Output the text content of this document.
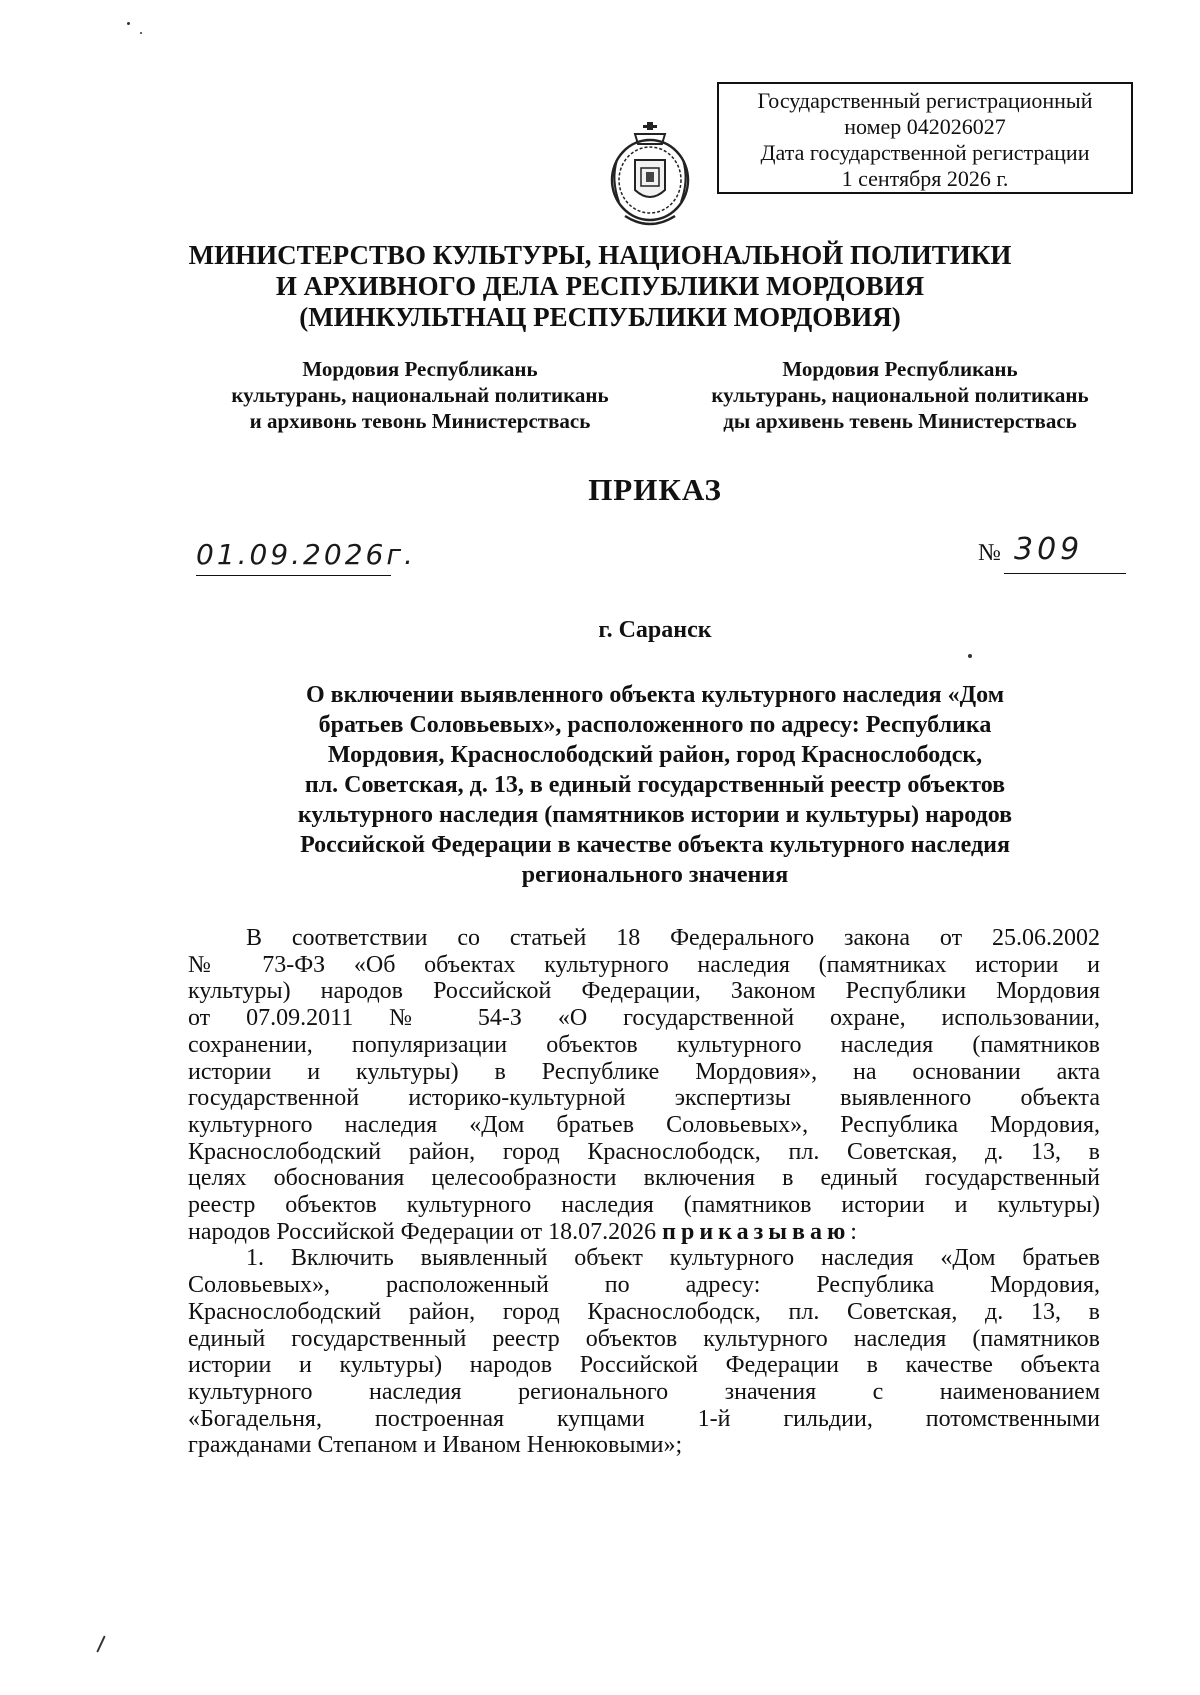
Государственный регистрационный
номер 042026027
Дата государственной регистрации
1 сентября 2026 г.
МИНИСТЕРСТВО КУЛЬТУРЫ, НАЦИОНАЛЬНОЙ ПОЛИТИКИ
И АРХИВНОГО ДЕЛА РЕСПУБЛИКИ МОРДОВИЯ
(МИНКУЛЬТНАЦ РЕСПУБЛИКИ МОРДОВИЯ)
Мордовия Республикань
культурань, национальнай политикань
и архивонь тевонь Министерствась
Мордовия Республикань
культурань, национальной политикань
ды архивень тевень Министерствась
ПРИКАЗ
01.09.2026г.	№ 309
г. Саранск
О включении выявленного объекта культурного наследия «Дом
братьев Соловьевых», расположенного по адресу: Республика
Мордовия, Краснослободский район, город Краснослободск,
пл. Советская, д. 13, в единый государственный реестр объектов
культурного наследия (памятников истории и культуры) народов
Российской Федерации в качестве объекта культурного наследия
регионального значения
В соответствии со статьей 18 Федерального закона от 25.06.2002
№ 73-ФЗ «Об объектах культурного наследия (памятниках истории и
культуры) народов Российской Федерации, Законом Республики Мордовия
от 07.09.2011 № 54-З «О государственной охране, использовании,
сохранении, популяризации объектов культурного наследия (памятников
истории и культуры) в Республике Мордовия», на основании акта
государственной историко-культурной экспертизы выявленного объекта
культурного наследия «Дом братьев Соловьевых», Республика Мордовия,
Краснослободский район, город Краснослободск, пл. Советская, д. 13, в
целях обоснования целесообразности включения в единый государственный
реестр объектов культурного наследия (памятников истории и культуры)
народов Российской Федерации от 18.07.2026 приказываю:
1. Включить выявленный объект культурного наследия «Дом братьев
Соловьевых», расположенный по адресу: Республика Мордовия,
Краснослободский район, город Краснослободск, пл. Советская, д. 13, в
единый государственный реестр объектов культурного наследия (памятников
истории и культуры) народов Российской Федерации в качестве объекта
культурного наследия регионального значения с наименованием
«Богадельня, построенная купцами 1-й гильдии, потомственными
гражданами Степаном и Иваном Ненюковыми»;
